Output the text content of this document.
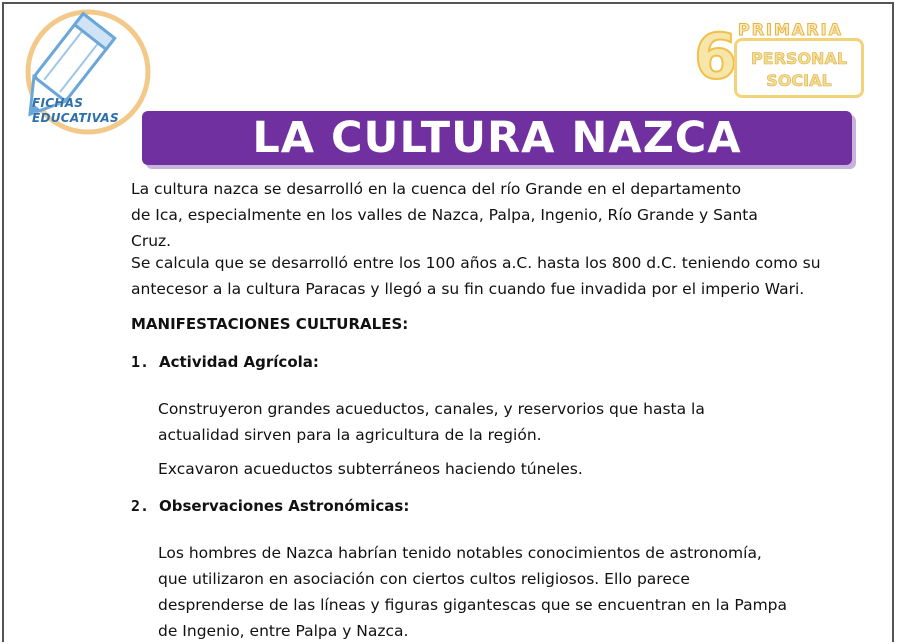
FICHAS
EDUCATIVAS
6 PERSONAL
SOCIAL
PRIMARIA
LA CULTURA NAZCA
La cultura nazca se desarrolló en la cuenca del río Grande en el departamento
de Ica, especialmente en los valles de Nazca, Palpa, Ingenio, Río Grande y Santa
Cruz.
Se calcula que se desarrolló entre los 100 años a.C. hasta los 800 d.C. teniendo como su
antecesor a la cultura Paracas y llegó a su fin cuando fue invadida por el imperio Wari.
MANIFESTACIONES CULTURALES:
1. Actividad Agrícola:
Construyeron grandes acueductos, canales, y reservorios que hasta la
actualidad sirven para la agricultura de la región.
Excavaron acueductos subterráneos haciendo túneles.
2. Observaciones Astronómicas:
Los hombres de Nazca habrían tenido notables conocimientos de astronomía,
que utilizaron en asociación con ciertos cultos religiosos. Ello parece
desprenderse de las líneas y figuras gigantescas que se encuentran en la Pampa
de Ingenio, entre Palpa y Nazca.
